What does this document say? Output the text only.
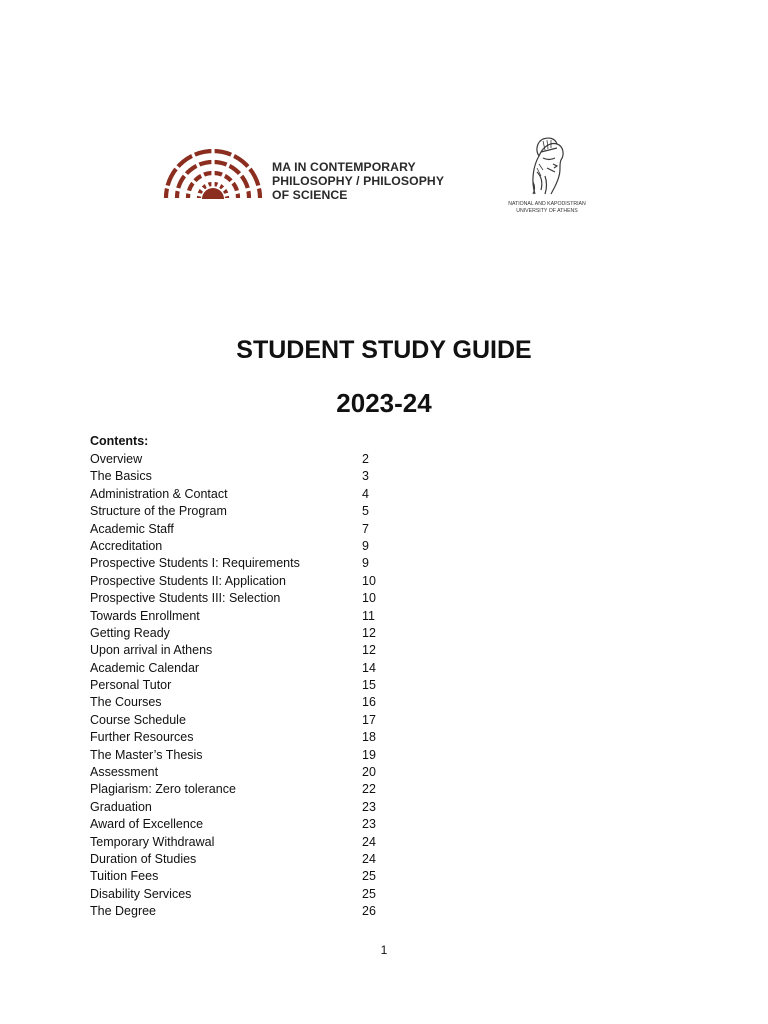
MA IN CONTEMPORARY
PHILOSOPHY / PHILOSOPHY
OF SCIENCE
NATIONAL AND KAPODISTRIAN
UNIVERSITY OF ATHENS
STUDENT STUDY GUIDE
2023-24
Contents:
Overview	2
The Basics	3
Administration & Contact	4
Structure of the Program	5
Academic Staff	7
Accreditation	9
Prospective Students I: Requirements	9
Prospective Students II: Application	10
Prospective Students III: Selection	10
Towards Enrollment	11
Getting Ready	12
Upon arrival in Athens	12
Academic Calendar	14
Personal Tutor	15
The Courses	16
Course Schedule	17
Further Resources	18
The Master’s Thesis	19
Assessment	20
Plagiarism: Zero tolerance	22
Graduation	23
Award of Excellence	23
Temporary Withdrawal	24
Duration of Studies	24
Tuition Fees	25
Disability Services	25
The Degree	26
1
